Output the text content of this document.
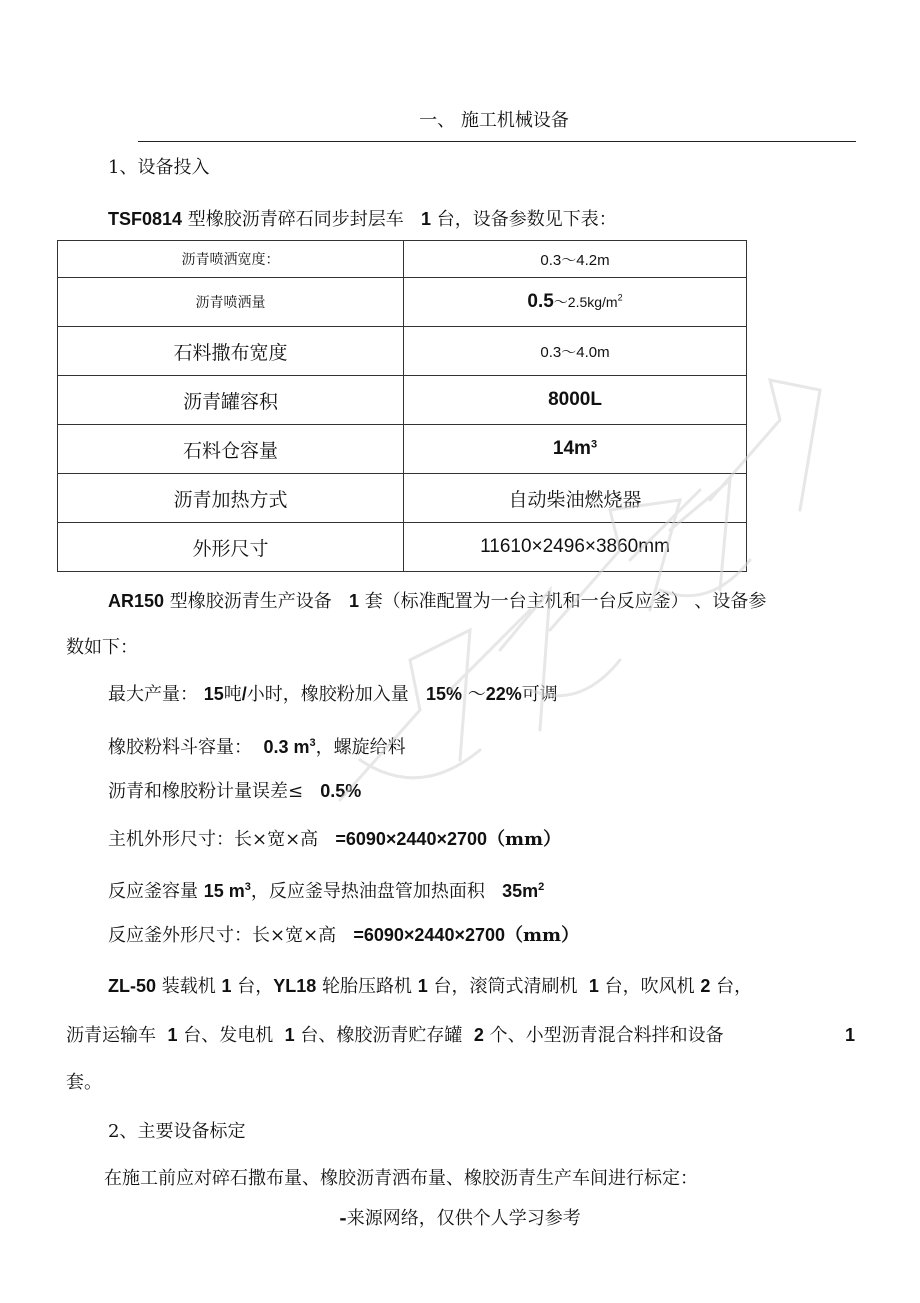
一、 施工机械设备
1、设备投入
TSF0814 型橡胶沥青碎石同步封层车 1 台，设备参数见下表：
沥青喷洒宽度：	0.3～4.2m
沥青喷洒量	$0.5\sim 2.5kg/m^2$
石料撒布宽度	0.3～4.0m
沥青罐容积	8000L
石料仓容量	$14m^3$
沥青加热方式	自动柴油燃烧器
外形尺寸	11610×2496×3860mm
AR150 型橡胶沥青生产设备 1 套（标准配置为一台主机和一台反应釜） 、设备参
数如下：
最大产量： 15吨/小时，橡胶粉加入量 15% ～22%可调
橡胶粉料斗容量： 0.3 $m^3$，螺旋给料
沥青和橡胶粉计量误差≤ 0.5%
主机外形尺寸：长×宽×高 =6090×2440×2700（mm）
反应釜容量 15 $m^3$，反应釜导热油盘管加热面积 $35m^2$
反应釜外形尺寸：长×宽×高 =6090×2440×2700（mm）
ZL-50 装载机 1 台，YL18 轮胎压路机 1 台，滚筒式清刷机  1 台，吹风机 2 台，
沥青运输车  1 台、发电机  1 台、橡胶沥青贮存罐  2 个、小型沥青混合料拌和设备	1
套。
2、主要设备标定
在施工前应对碎石撒布量、橡胶沥青洒布量、橡胶沥青生产车间进行标定：
-来源网络，仅供个人学习参考
